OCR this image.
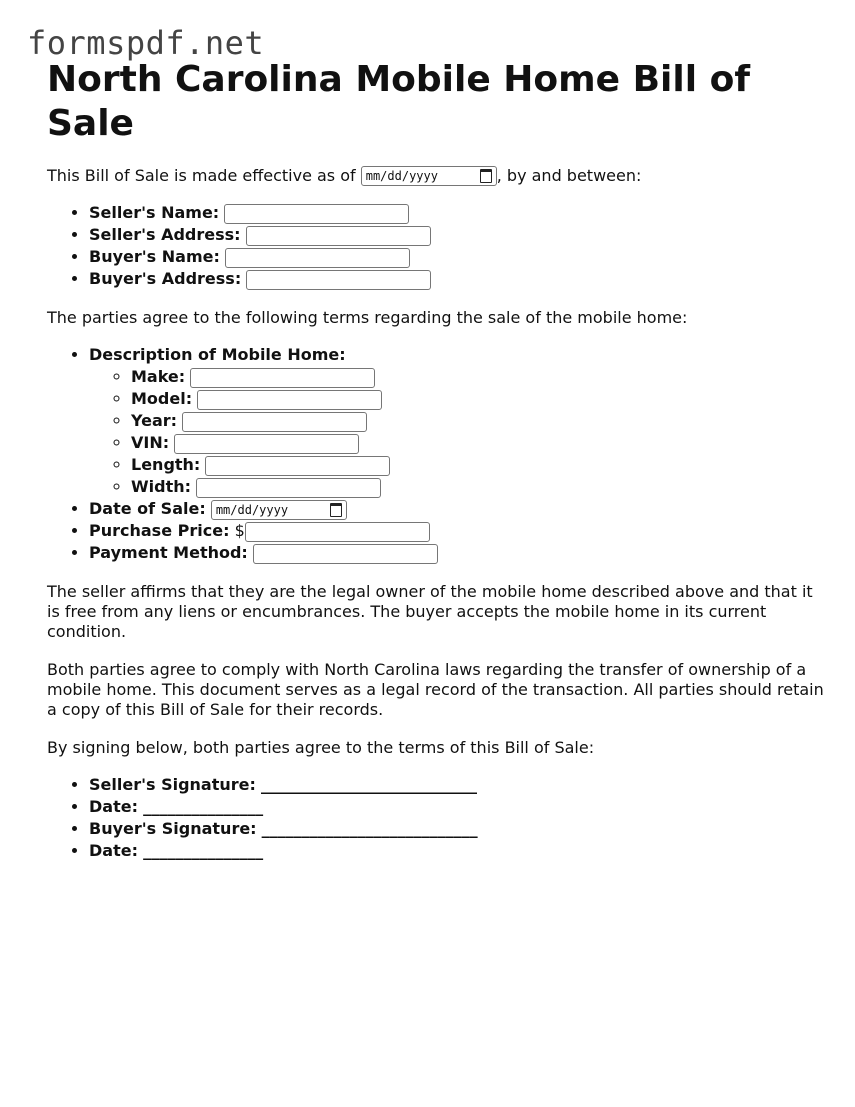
formspdf.net
North Carolina Mobile Home Bill of Sale

This Bill of Sale is made effective as of
mm/dd/yyyy	, by and between:

• Seller's Name:
• Seller's Address:
• Buyer's Name:
• Buyer's Address:

The parties agree to the following terms regarding the sale of the mobile home:

• Description of Mobile Home:
◦ Make:
◦ Model:
◦ Year:
◦ VIN:
◦ Length:
◦ Width:
• Date of Sale: mm/dd/yyyy
• Purchase Price: $
• Payment Method:

The seller affirms that they are the legal owner of the mobile home described above and that it is free from any liens or encumbrances. The buyer accepts the mobile home in its current condition.

Both parties agree to comply with North Carolina laws regarding the transfer of ownership of a mobile home. This document serves as a legal record of the transaction. All parties should retain a copy of this Bill of Sale for their records.

By signing below, both parties agree to the terms of this Bill of Sale:

• Seller's Signature: ___________________________
• Date: _______________
• Buyer's Signature: ___________________________
• Date: _______________
